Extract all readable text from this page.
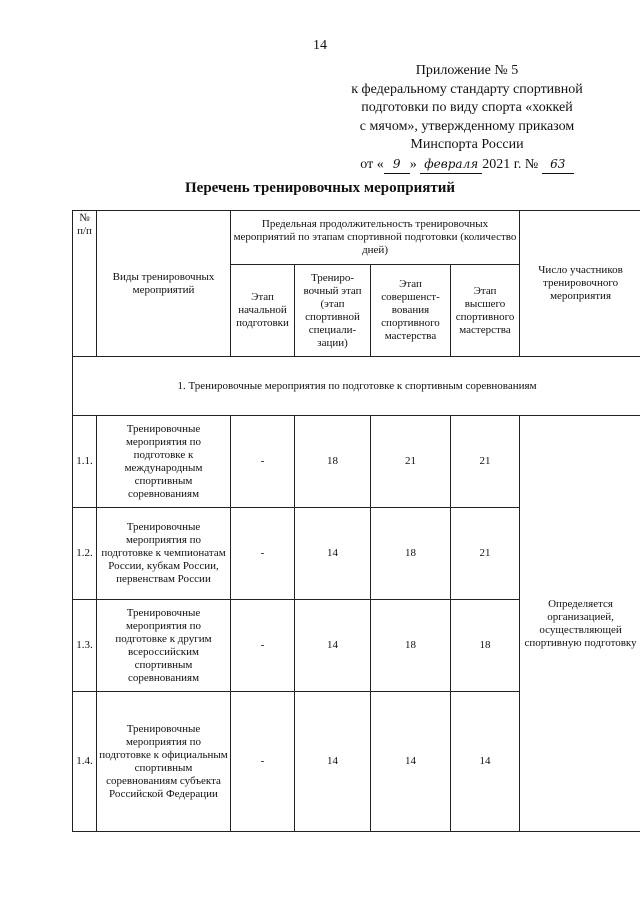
14
Приложение № 5
к федеральному стандарту спортивной
подготовки по виду спорта «хоккей
с мячом», утвержденному приказом
Минспорта России
от « 9 » февраля 2021 г. № 63
Перечень тренировочных мероприятий
№ п/п	Виды тренировочных мероприятий	Предельная продолжительность тренировочных мероприятий по этапам спортивной подготовки (количество дней)				Число участников тренировочного мероприятия
		Этап начальной подготовки	Трениро-вочный этап (этап спортивной специали-зации)	Этап совершенст-вования спортивного мастерства	Этап высшего спортивного мастерства	
1. Тренировочные мероприятия по подготовке к спортивным соревнованиям						
1.1.	Тренировочные мероприятия по подготовке к международным спортивным соревнованиям	-	18	21	21	Определяется организацией, осуществляющей спортивную подготовку
1.2.	Тренировочные мероприятия по подготовке к чемпионатам России, кубкам России, первенствам России	-	14	18	21	
1.3.	Тренировочные мероприятия по подготовке к другим всероссийским спортивным соревнованиям	-	14	18	18	
1.4.	Тренировочные мероприятия по подготовке к официальным спортивным соревнованиям субъекта Российской Федерации	-	14	14	14	
